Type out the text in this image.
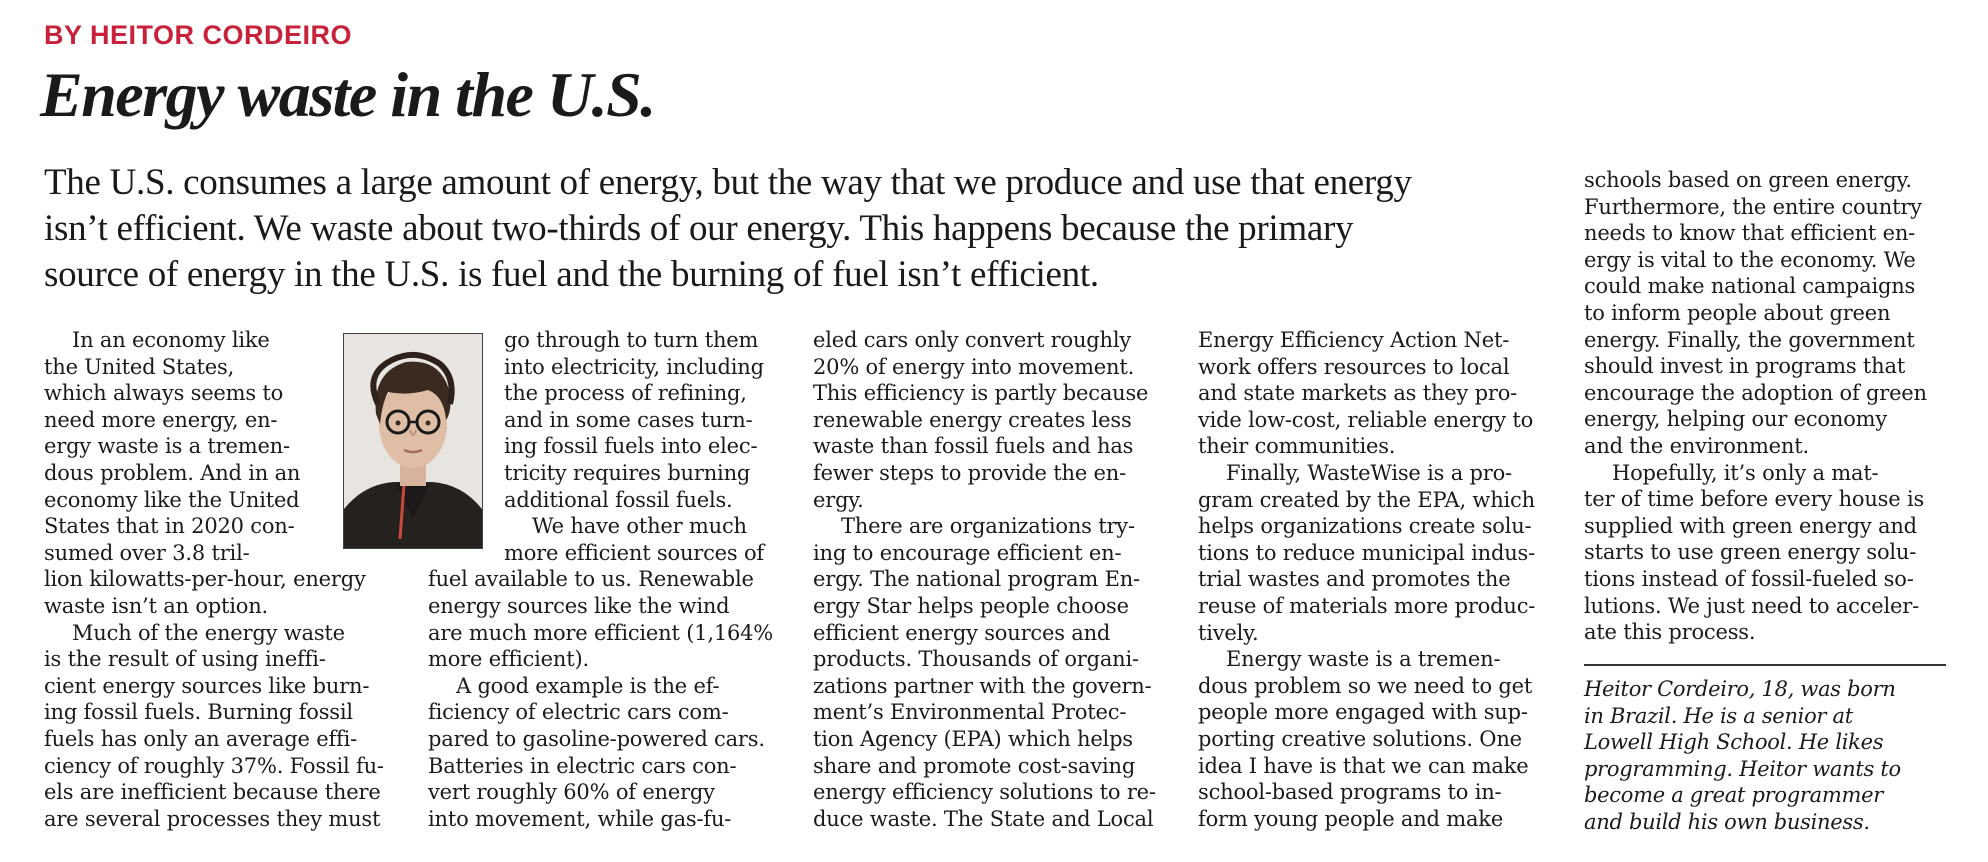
BY HEITOR CORDEIRO
Energy waste in the U.S.
The U.S. consumes a large amount of energy, but the way that we produce and use that energy
isn’t efficient. We waste about two-thirds of our energy. This happens because the primary
source of energy in the U.S. is fuel and the burning of fuel isn’t efficient.
In an economy like
the United States,
which always seems to
need more energy, en-
ergy waste is a tremen-
dous problem. And in an
economy like the United
States that in 2020 con-
sumed over 3.8 tril-
lion kilowatts-per-hour, energy
waste isn’t an option.
Much of the energy waste
is the result of using ineffi-
cient energy sources like burn-
ing fossil fuels. Burning fossil
fuels has only an average effi-
ciency of roughly 37%. Fossil fu-
els are inefficient because there
are several processes they must
go through to turn them
into electricity, including
the process of refining,
and in some cases turn-
ing fossil fuels into elec-
tricity requires burning
additional fossil fuels.
We have other much
more efficient sources of
fuel available to us. Renewable
energy sources like the wind
are much more efficient (1,164%
more efficient).
A good example is the ef-
ficiency of electric cars com-
pared to gasoline-powered cars.
Batteries in electric cars con-
vert roughly 60% of energy
into movement, while gas-fu-
eled cars only convert roughly
20% of energy into movement.
This efficiency is partly because
renewable energy creates less
waste than fossil fuels and has
fewer steps to provide the en-
ergy.
There are organizations try-
ing to encourage efficient en-
ergy. The national program En-
ergy Star helps people choose
efficient energy sources and
products. Thousands of organi-
zations partner with the govern-
ment’s Environmental Protec-
tion Agency (EPA) which helps
share and promote cost-saving
energy efficiency solutions to re-
duce waste. The State and Local
Energy Efficiency Action Net-
work offers resources to local
and state markets as they pro-
vide low-cost, reliable energy to
their communities.
Finally, WasteWise is a pro-
gram created by the EPA, which
helps organizations create solu-
tions to reduce municipal indus-
trial wastes and promotes the
reuse of materials more produc-
tively.
Energy waste is a tremen-
dous problem so we need to get
people more engaged with sup-
porting creative solutions. One
idea I have is that we can make
school-based programs to in-
form young people and make
schools based on green energy.
Furthermore, the entire country
needs to know that efficient en-
ergy is vital to the economy. We
could make national campaigns
to inform people about green
energy. Finally, the government
should invest in programs that
encourage the adoption of green
energy, helping our economy
and the environment.
Hopefully, it’s only a mat-
ter of time before every house is
supplied with green energy and
starts to use green energy solu-
tions instead of fossil-fueled so-
lutions. We just need to acceler-
ate this process.
Heitor Cordeiro, 18, was born
in Brazil. He is a senior at
Lowell High School. He likes
programming. Heitor wants to
become a great programmer
and build his own business.
